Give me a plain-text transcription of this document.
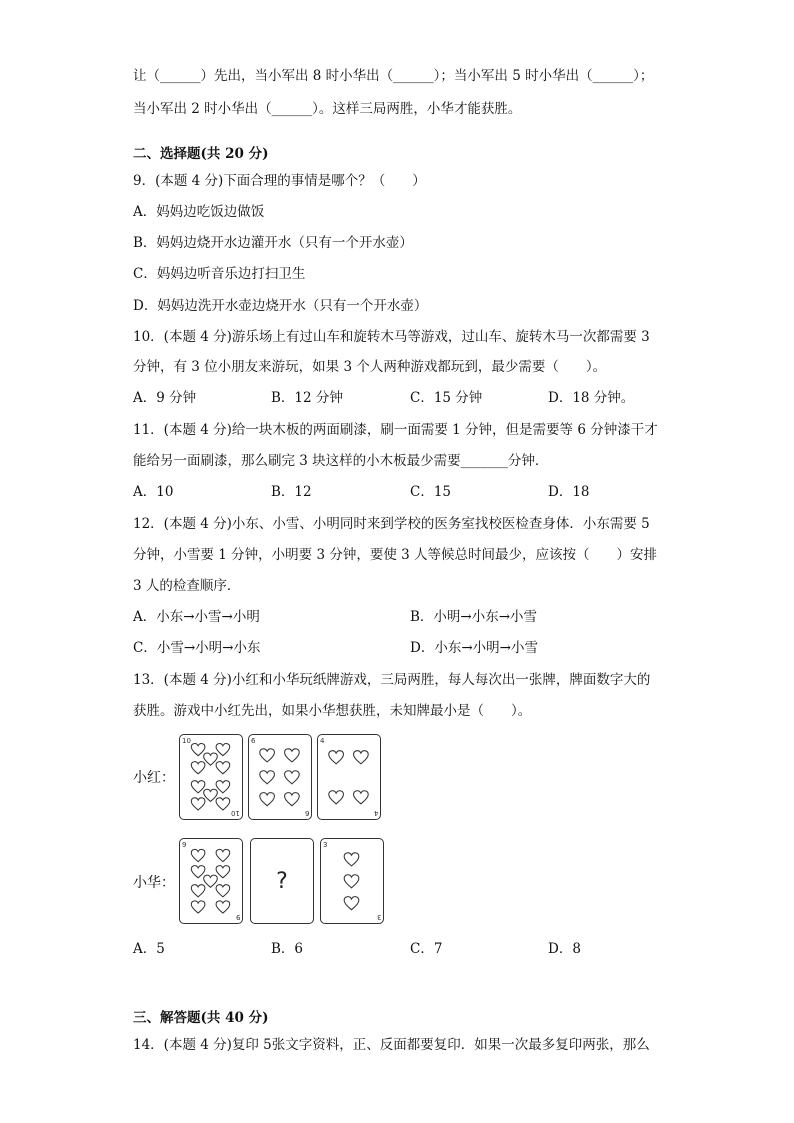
让（______）先出，当小军出 8 时小华出（______）；当小军出 5 时小华出（______）；
当小军出 2 时小华出（______）。这样三局两胜，小华才能获胜。
二、选择题(共 20 分)
9．(本题 4 分)下面合理的事情是哪个？（　　）
A．妈妈边吃饭边做饭
B．妈妈边烧开水边灌开水（只有一个开水壶）
C．妈妈边听音乐边打扫卫生
D．妈妈边洗开水壶边烧开水（只有一个开水壶）
10．(本题 4 分)游乐场上有过山车和旋转木马等游戏，过山车、旋转木马一次都需要 3
分钟，有 3 位小朋友来游玩，如果 3 个人两种游戏都玩到，最少需要（　　）。
A．9 分钟	B．12 分钟	C．15 分钟	D．18 分钟。
11．(本题 4 分)给一块木板的两面刷漆，刷一面需要 1 分钟，但是需要等 6 分钟漆干才
能给另一面刷漆，那么刷完 3 块这样的小木板最少需要_______分钟．
A．10	B．12	C．15	D．18
12．(本题 4 分)小东、小雪、小明同时来到学校的医务室找校医检查身体．小东需要 5
分钟，小雪要 1 分钟，小明要 3 分钟，要使 3 人等候总时间最少，应该按（　　）安排
3 人的检查顺序．
A．小东→小雪→小明	B．小明→小东→小雪
C．小雪→小明→小东	D．小东→小明→小雪
13．(本题 4 分)小红和小华玩纸牌游戏，三局两胜，每人每次出一张牌，牌面数字大的
获胜。游戏中小红先出，如果小华想获胜，未知牌最小是（　　）。
小红：
10
10
6
6
4
4
小华：
9
9
?
3
3
A．5	B．6	C．7	D．8
三、解答题(共 40 分)
14．(本题 4 分)复印 5张文字资料，正、反面都要复印．如果一次最多复印两张，那么
